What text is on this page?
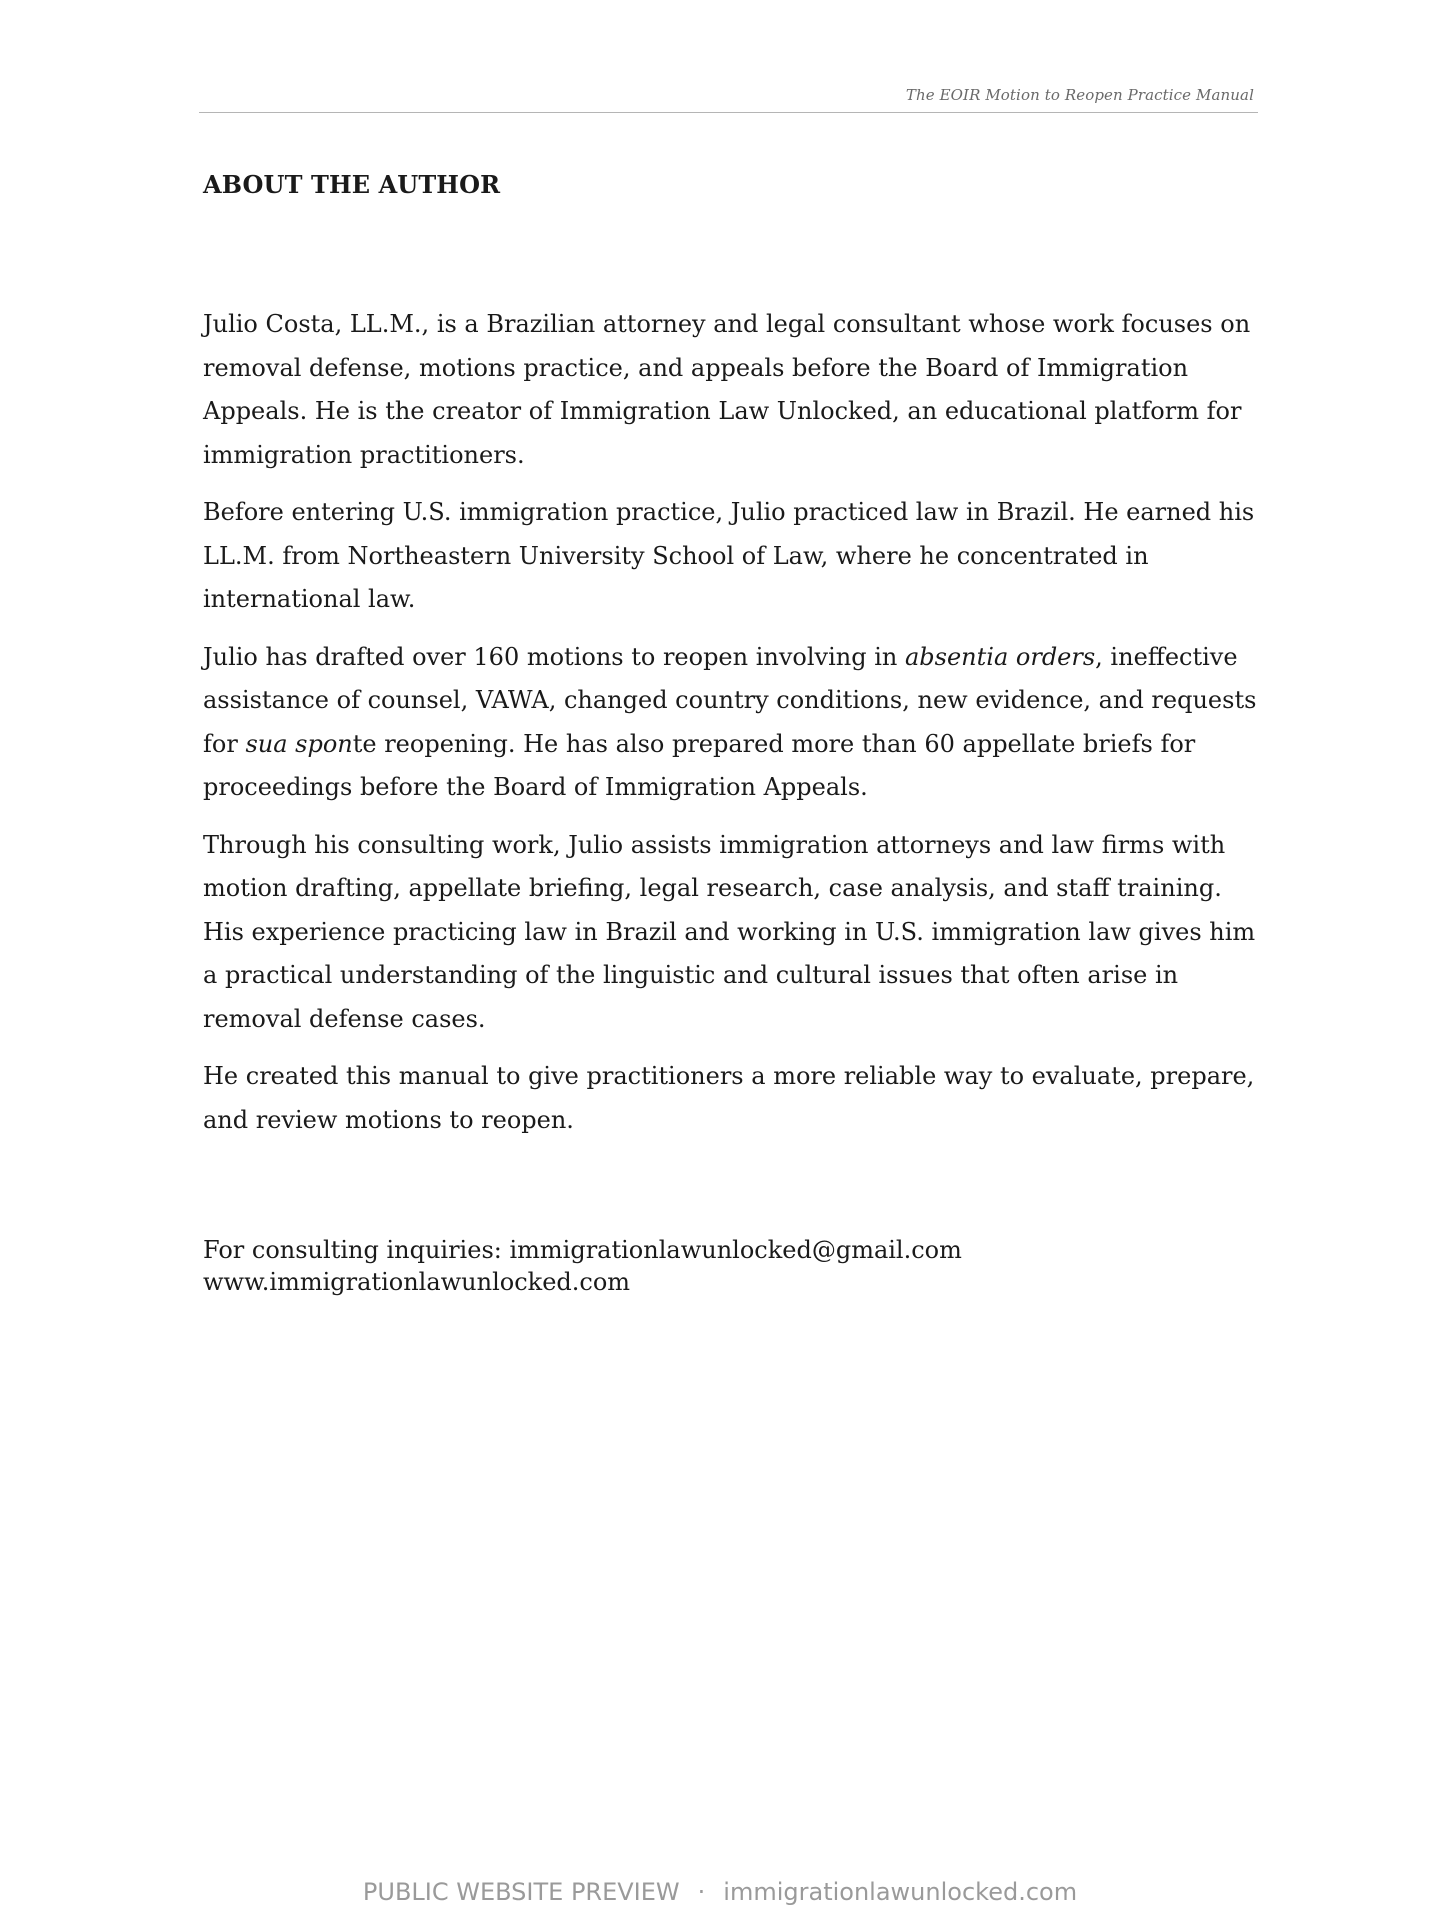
The EOIR Motion to Reopen Practice Manual
ABOUT THE AUTHOR

Julio Costa, LL.M., is a Brazilian attorney and legal consultant whose work focuses on removal defense, motions practice, and appeals before the Board of Immigration Appeals. He is the creator of Immigration Law Unlocked, an educational platform for immigration practitioners.

Before entering U.S. immigration practice, Julio practiced law in Brazil. He earned his LL.M. from Northeastern University School of Law, where he concentrated in international law.

Julio has drafted over 160 motions to reopen involving in absentia orders, ineffective assistance of counsel, VAWA, changed country conditions, new evidence, and requests for sua sponte reopening. He has also prepared more than 60 appellate briefs for proceedings before the Board of Immigration Appeals.

Through his consulting work, Julio assists immigration attorneys and law firms with motion drafting, appellate briefing, legal research, case analysis, and staff training. His experience practicing law in Brazil and working in U.S. immigration law gives him a practical understanding of the linguistic and cultural issues that often arise in removal defense cases.

He created this manual to give practitioners a more reliable way to evaluate, prepare, and review motions to reopen.

For consulting inquiries: immigrationlawunlocked@gmail.com
www.immigrationlawunlocked.com
PUBLIC WEBSITE PREVIEW · immigrationlawunlocked.com
